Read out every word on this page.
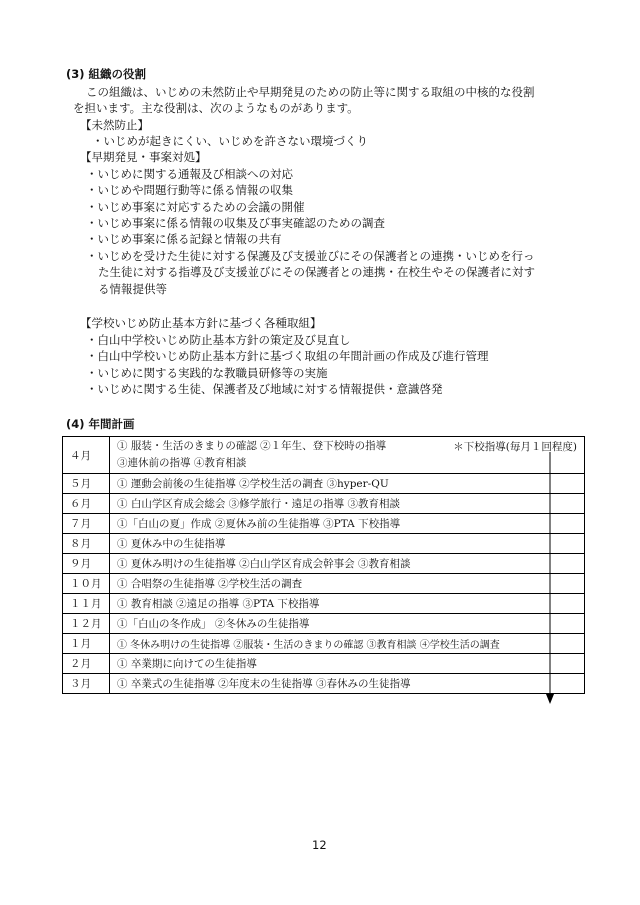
(3) 組織の役割
この組織は、いじめの未然防止や早期発見のための防止等に関する取組の中核的な役割
を担います。主な役割は、次のようなものがあります。
【未然防止】
・いじめが起きにくい、いじめを許さない環境づくり
【早期発見・事案対処】
・いじめに関する通報及び相談への対応
・いじめや問題行動等に係る情報の収集
・いじめ事案に対応するための会議の開催
・いじめ事案に係る情報の収集及び事実確認のための調査
・いじめ事案に係る記録と情報の共有
・いじめを受けた生徒に対する保護及び支援並びにその保護者との連携・いじめを行っ
た生徒に対する指導及び支援並びにその保護者との連携・在校生やその保護者に対す
る情報提供等
【学校いじめ防止基本方針に基づく各種取組】
・白山中学校いじめ防止基本方針の策定及び見直し
・白山中学校いじめ防止基本方針に基づく取組の年間計画の作成及び進行管理
・いじめに関する実践的な教職員研修等の実施
・いじめに関する生徒、保護者及び地域に対する情報提供・意識啓発
(4) 年間計画
４月	① 服装・生活のきまりの確認 ②１年生、登下校時の指導
③連休前の指導 ④教育相談
＊下校指導(毎月１回程度)

５月	① 運動会前後の生徒指導 ②学校生活の調査 ③hyper-QU
６月	① 白山学区育成会総会 ③修学旅行・遠足の指導 ③教育相談
７月	①「白山の夏」作成 ②夏休み前の生徒指導 ③PTA 下校指導
８月	① 夏休み中の生徒指導
９月	① 夏休み明けの生徒指導 ②白山学区育成会幹事会 ③教育相談
１０月	① 合唱祭の生徒指導 ②学校生活の調査
１１月	① 教育相談 ②遠足の指導 ③PTA 下校指導
１２月	①「白山の冬作成」 ②冬休みの生徒指導
１月	① 冬休み明けの生徒指導 ②服装・生活のきまりの確認 ③教育相談 ④学校生活の調査
２月	① 卒業期に向けての生徒指導
３月	① 卒業式の生徒指導 ②年度末の生徒指導 ③春休みの生徒指導
12
